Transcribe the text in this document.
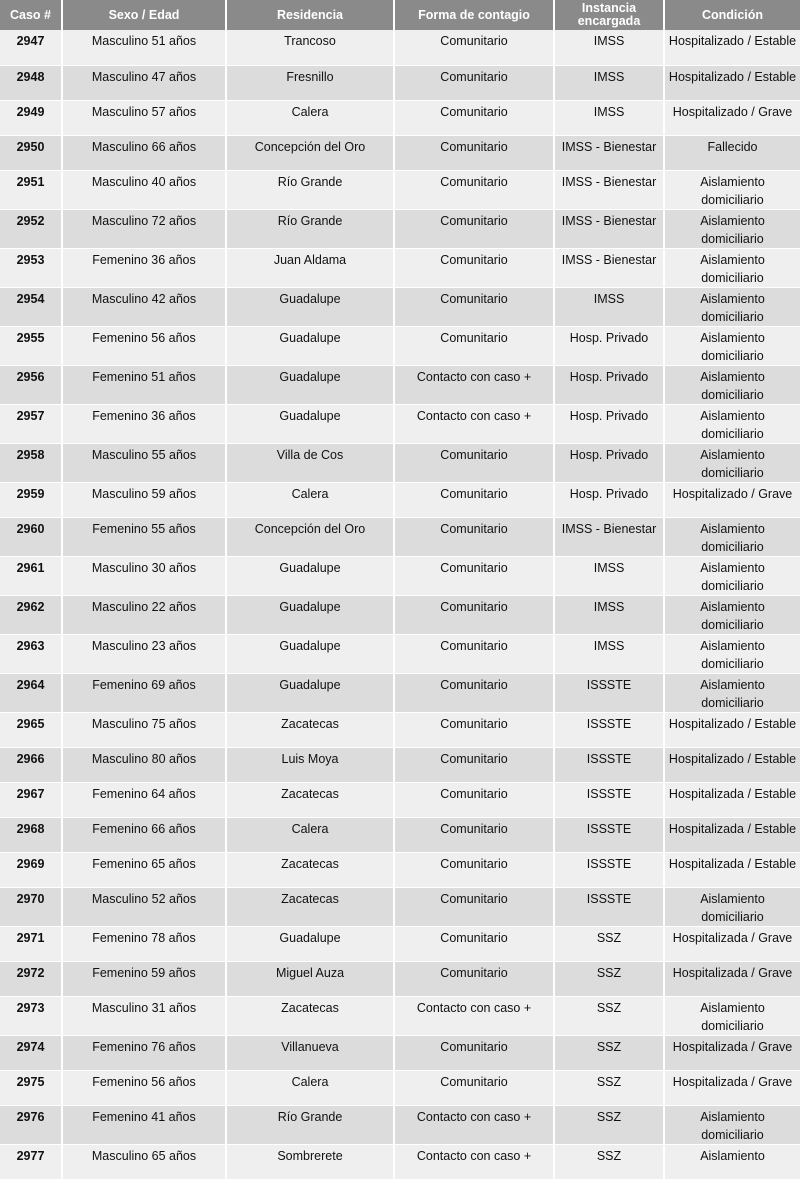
Caso #	Sexo / Edad	Residencia	Forma de contagio	Instancia encargada	Condición
2947	Masculino 51 años	Trancoso	Comunitario	IMSS	Hospitalizado / Estable
2948	Masculino 47 años	Fresnillo	Comunitario	IMSS	Hospitalizado / Estable
2949	Masculino 57 años	Calera	Comunitario	IMSS	Hospitalizado / Grave
2950	Masculino 66 años	Concepción del Oro	Comunitario	IMSS - Bienestar	Fallecido
2951	Masculino 40 años	Río Grande	Comunitario	IMSS - Bienestar	Aislamiento domiciliario
2952	Masculino 72 años	Río Grande	Comunitario	IMSS - Bienestar	Aislamiento domiciliario
2953	Femenino 36 años	Juan Aldama	Comunitario	IMSS - Bienestar	Aislamiento domiciliario
2954	Masculino 42 años	Guadalupe	Comunitario	IMSS	Aislamiento domiciliario
2955	Femenino 56 años	Guadalupe	Comunitario	Hosp. Privado	Aislamiento domiciliario
2956	Femenino 51 años	Guadalupe	Contacto con caso +	Hosp. Privado	Aislamiento domiciliario
2957	Femenino 36 años	Guadalupe	Contacto con caso +	Hosp. Privado	Aislamiento domiciliario
2958	Masculino 55 años	Villa de Cos	Comunitario	Hosp. Privado	Aislamiento domiciliario
2959	Masculino 59 años	Calera	Comunitario	Hosp. Privado	Hospitalizado / Grave
2960	Femenino 55 años	Concepción del Oro	Comunitario	IMSS - Bienestar	Aislamiento domiciliario
2961	Masculino 30 años	Guadalupe	Comunitario	IMSS	Aislamiento domiciliario
2962	Masculino 22 años	Guadalupe	Comunitario	IMSS	Aislamiento domiciliario
2963	Masculino 23 años	Guadalupe	Comunitario	IMSS	Aislamiento domiciliario
2964	Femenino 69 años	Guadalupe	Comunitario	ISSSTE	Aislamiento domiciliario
2965	Masculino 75 años	Zacatecas	Comunitario	ISSSTE	Hospitalizado / Estable
2966	Masculino 80 años	Luis Moya	Comunitario	ISSSTE	Hospitalizado / Estable
2967	Femenino 64 años	Zacatecas	Comunitario	ISSSTE	Hospitalizada / Estable
2968	Femenino 66 años	Calera	Comunitario	ISSSTE	Hospitalizada / Estable
2969	Femenino 65 años	Zacatecas	Comunitario	ISSSTE	Hospitalizada / Estable
2970	Masculino 52 años	Zacatecas	Comunitario	ISSSTE	Aislamiento domiciliario
2971	Femenino 78 años	Guadalupe	Comunitario	SSZ	Hospitalizada / Grave
2972	Femenino 59 años	Miguel Auza	Comunitario	SSZ	Hospitalizada / Grave
2973	Masculino 31 años	Zacatecas	Contacto con caso +	SSZ	Aislamiento domiciliario
2974	Femenino 76 años	Villanueva	Comunitario	SSZ	Hospitalizada / Grave
2975	Femenino 56 años	Calera	Comunitario	SSZ	Hospitalizada / Grave
2976	Femenino 41 años	Río Grande	Contacto con caso +	SSZ	Aislamiento domiciliario
2977	Masculino 65 años	Sombrerete	Contacto con caso +	SSZ	Aislamiento
